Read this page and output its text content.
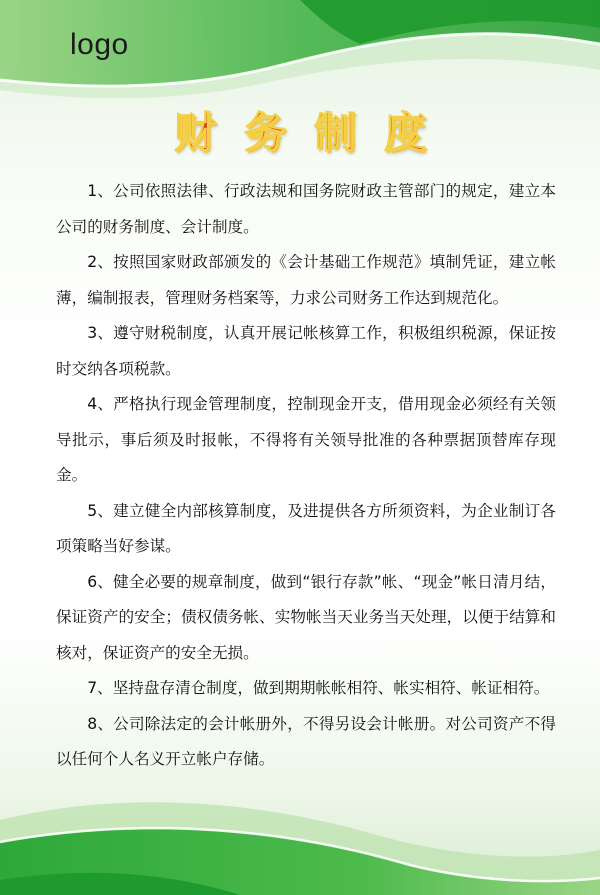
logo
财务制度

1、公司依照法律、行政法规和国务院财政主管部门的规定，建立本公司的财务制度、会计制度。

2、按照国家财政部颁发的《会计基础工作规范》填制凭证，建立帐薄，编制报表，管理财务档案等，力求公司财务工作达到规范化。

3、遵守财税制度，认真开展记帐核算工作，积极组织税源，保证按时交纳各项税款。

4、严格执行现金管理制度，控制现金开支，借用现金必须经有关领导批示，事后须及时报帐，不得将有关领导批准的各种票据顶替库存现金。

5、建立健全内部核算制度，及进提供各方所须资料，为企业制订各项策略当好参谋。

6、健全必要的规章制度，做到“银行存款”帐、“现金”帐日清月结，保证资产的安全；债权债务帐、实物帐当天业务当天处理，以便于结算和核对，保证资产的安全无损。

7、坚持盘存清仓制度，做到期期帐帐相符、帐实相符、帐证相符。

8、公司除法定的会计帐册外，不得另设会计帐册。对公司资产不得以任何个人名义开立帐户存储。
